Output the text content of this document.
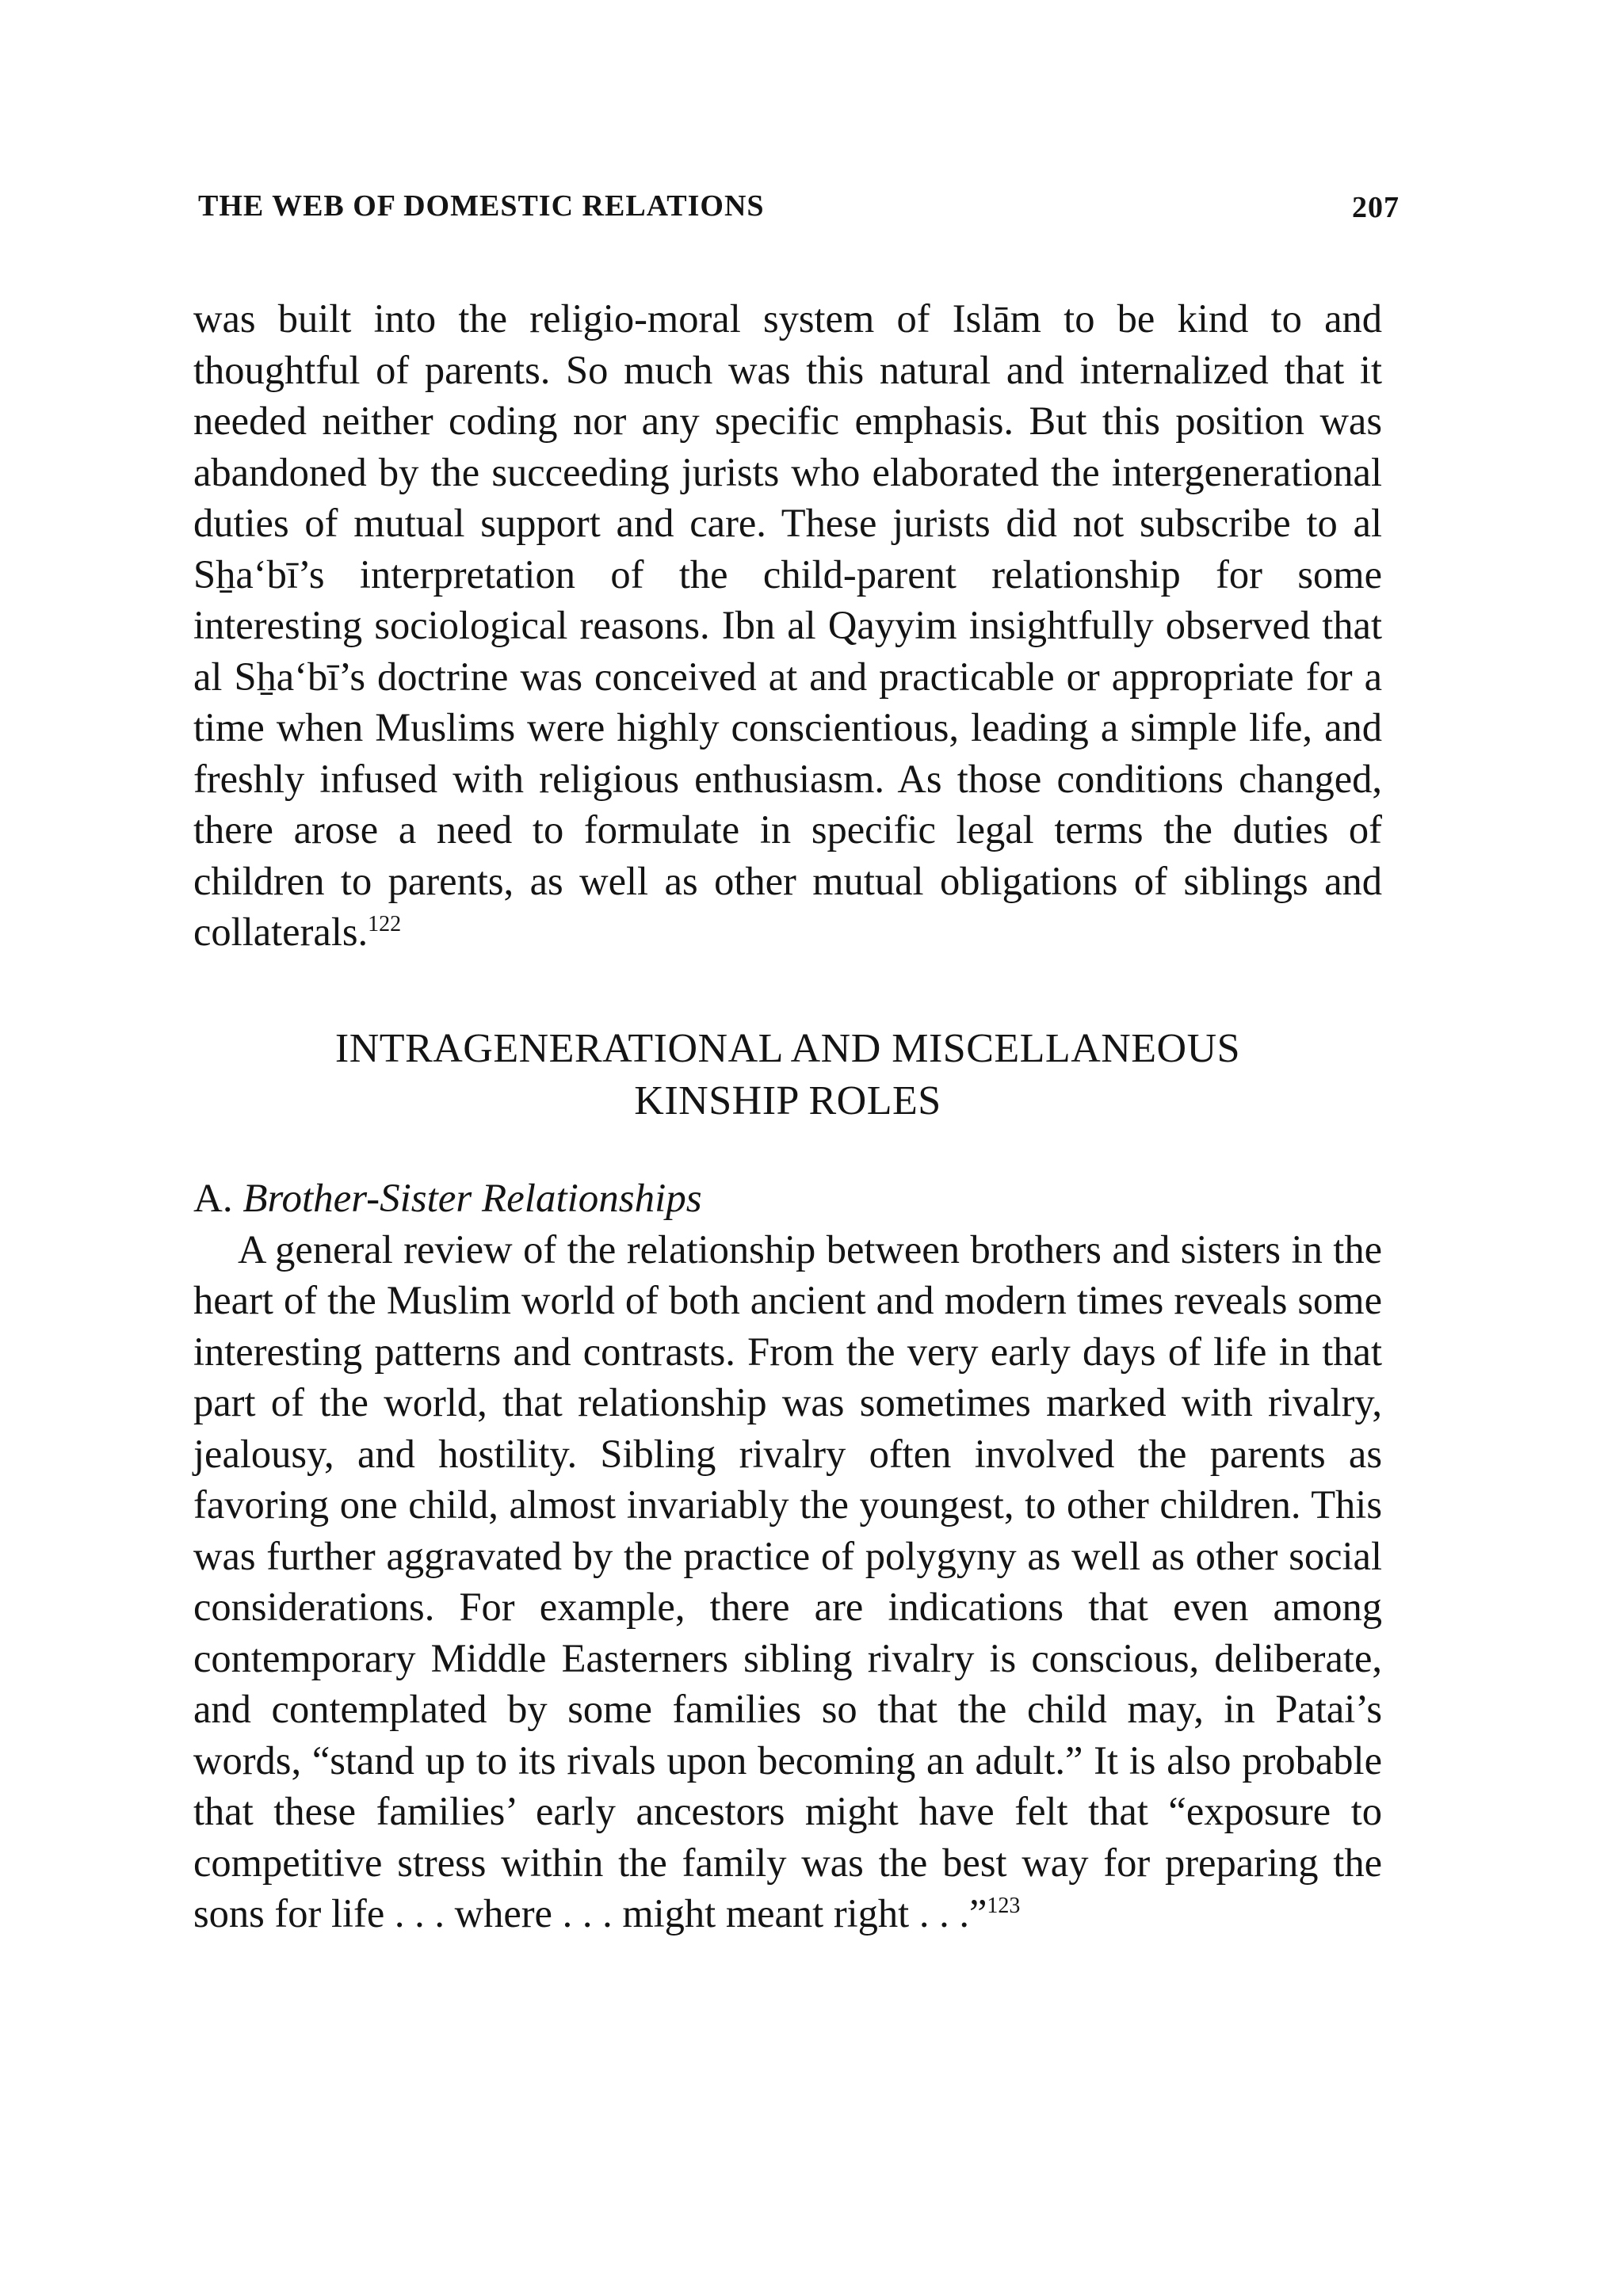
THE WEB OF DOMESTIC RELATIONS	207

was built into the religio-moral system of Islām to be kind to and thoughtful of parents. So much was this natural and internalized that it needed neither coding nor any specific emphasis. But this position was abandoned by the succeeding jurists who elaborated the intergenerational duties of mutual support and care. These jurists did not subscribe to al Sẖa‘bī’s interpretation of the child-parent relationship for some interesting sociological reasons. Ibn al Qayyim insightfully observed that al Sẖa‘bī’s doctrine was conceived at and practicable or appropriate for a time when Muslims were highly conscientious, leading a simple life, and freshly infused with religious enthusiasm. As those conditions changed, there arose a need to formulate in specific legal terms the duties of children to parents, as well as other mutual obligations of siblings and collaterals.$^{122}$

INTRAGENERATIONAL AND MISCELLANEOUS
KINSHIP ROLES
A. Brother-Sister Relationships

A general review of the relationship between brothers and sisters in the heart of the Muslim world of both ancient and modern times reveals some interesting patterns and contrasts. From the very early days of life in that part of the world, that relationship was sometimes marked with rivalry, jealousy, and hostility. Sibling rivalry often involved the parents as favoring one child, almost invariably the youngest, to other children. This was further aggravated by the practice of polygyny as well as other social considerations. For example, there are indications that even among contemporary Middle Easterners sibling rivalry is conscious, deliberate, and contemplated by some families so that the child may, in Patai’s words, “stand up to its rivals upon becoming an adult.” It is also probable that these families’ early ancestors might have felt that “exposure to competitive stress within the family was the best way for preparing the sons for life . . . where . . . might meant right . . .”$^{123}$
